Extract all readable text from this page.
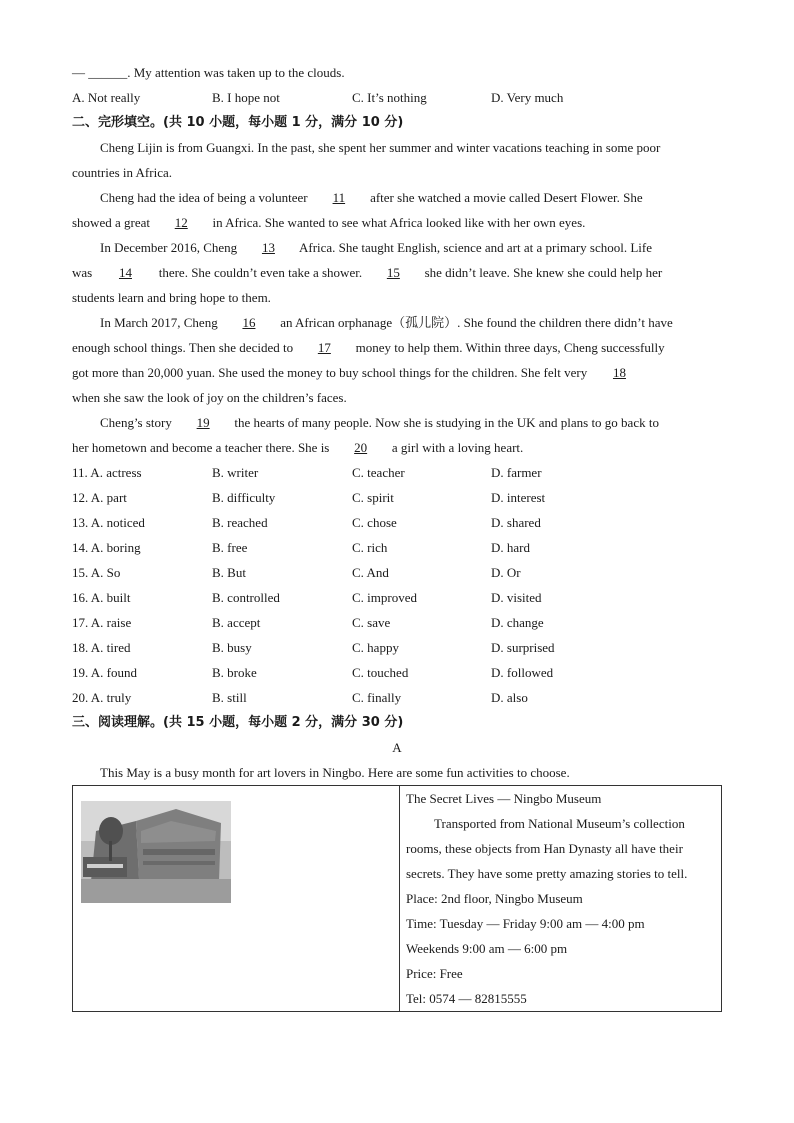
— ______. My attention was taken up to the clouds.
A. Not really	B. I hope not	C. It’s nothing	D. Very much
二、完形填空。(共 10 小题，每小题 1 分，满分 10 分)
Cheng Lijin is from Guangxi. In the past, she spent her summer and winter vacations teaching in some poor
countries in Africa.
Cheng had the idea of being a volunteer 11 after she watched a movie called Desert Flower. She
showed a great 12 in Africa. She wanted to see what Africa looked like with her own eyes.
In December 2016, Cheng 13 Africa. She taught English, science and art at a primary school. Life
was 14 there. She couldn’t even take a shower. 15 she didn’t leave. She knew she could help her
students learn and bring hope to them.
In March 2017, Cheng 16 an African orphanage（孤儿院）. She found the children there didn’t have
enough school things. Then she decided to 17 money to help them. Within three days, Cheng successfully
got more than 20,000 yuan. She used the money to buy school things for the children. She felt very 18
when she saw the look of joy on the children’s faces.
Cheng’s story 19 the hearts of many people. Now she is studying in the UK and plans to go back to
her hometown and become a teacher there. She is 20 a girl with a loving heart.
11. A. actress	B. writer	C. teacher	D. farmer
12. A. part	B. difficulty	C. spirit	D. interest
13. A. noticed	B. reached	C. chose	D. shared
14. A. boring	B. free	C. rich	D. hard
15. A. So	B. But	C. And	D. Or
16. A. built	B. controlled	C. improved	D. visited
17. A. raise	B. accept	C. save	D. change
18. A. tired	B. busy	C. happy	D. surprised
19. A. found	B. broke	C. touched	D. followed
20. A. truly	B. still	C. finally	D. also
三、阅读理解。(共 15 小题，每小题 2 分，满分 30 分)
A
This May is a busy month for art lovers in Ningbo. Here are some fun activities to choose.

The Secret Lives — Ningbo Museum
Transported from National Museum’s collection
rooms, these objects from Han Dynasty all have their
secrets. They have some pretty amazing stories to tell.
Place: 2nd floor, Ningbo Museum
Time: Tuesday — Friday 9:00 am — 4:00 pm
Weekends 9:00 am — 6:00 pm
Price: Free
Tel: 0574 — 82815555
